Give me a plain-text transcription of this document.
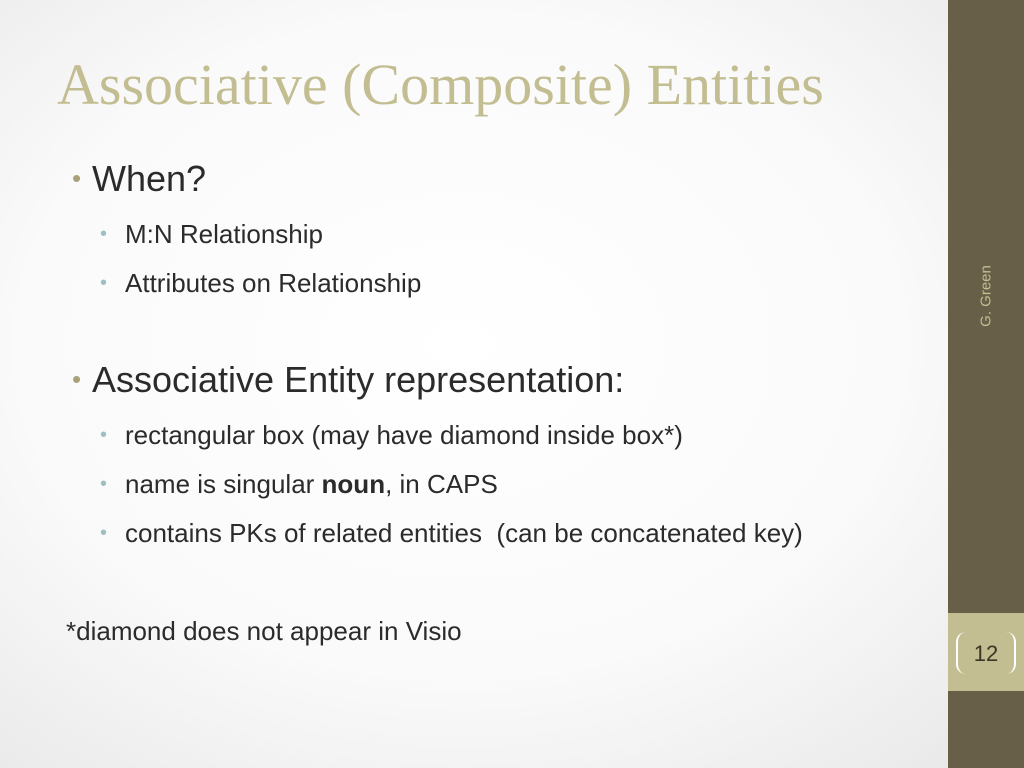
Associative (Composite) Entities
• When?
• M:N Relationship
• Attributes on Relationship
• Associative Entity representation:
• rectangular box (may have diamond inside box*)
• name is singular noun, in CAPS
• contains PKs of related entities  (can be concatenated key)
*diamond does not appear in Visio
G. Green
12
